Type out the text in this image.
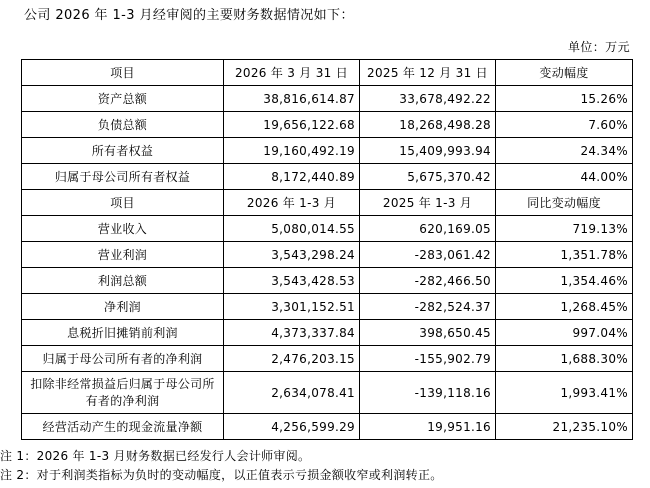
公司 2026 年 1-3 月经审阅的主要财务数据情况如下：
单位：万元
项目	2026 年 3 月 31 日	2025 年 12 月 31 日	变动幅度
资产总额	38,816,614.87	33,678,492.22	15.26%
负债总额	19,656,122.68	18,268,498.28	7.60%
所有者权益	19,160,492.19	15,409,993.94	24.34%
归属于母公司所有者权益	8,172,440.89	5,675,370.42	44.00%
项目	2026 年 1-3 月	2025 年 1-3 月	同比变动幅度
营业收入	5,080,014.55	620,169.05	719.13%
营业利润	3,543,298.24	-283,061.42	1,351.78%
利润总额	3,543,428.53	-282,466.50	1,354.46%
净利润	3,301,152.51	-282,524.37	1,268.45%
息税折旧摊销前利润	4,373,337.84	398,650.45	997.04%
归属于母公司所有者的净利润	2,476,203.15	-155,902.79	1,688.30%
扣除非经常损益后归属于母公司所有者的净利润	2,634,078.41	-139,118.16	1,993.41%
经营活动产生的现金流量净额	4,256,599.29	19,951.16	21,235.10%
注 1：2026 年 1-3 月财务数据已经发行人会计师审阅。
注 2：对于利润类指标为负时的变动幅度，以正值表示亏损金额收窄或利润转正。
